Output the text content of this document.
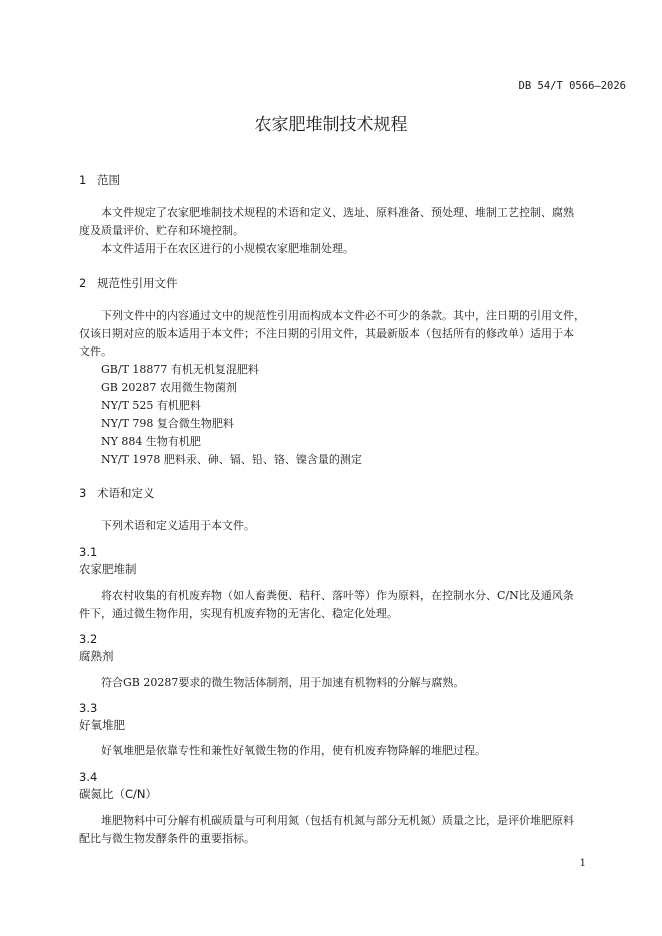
DB 54/T 0566—2026
农家肥堆制技术规程
1 范围
本文件规定了农家肥堆制技术规程的术语和定义、选址、原料准备、预处理、堆制工艺控制、腐熟
度及质量评价、贮存和环境控制。
本文件适用于在农区进行的小规模农家肥堆制处理。
2 规范性引用文件
下列文件中的内容通过文中的规范性引用而构成本文件必不可少的条款。其中，注日期的引用文件，
仅该日期对应的版本适用于本文件；不注日期的引用文件，其最新版本（包括所有的修改单）适用于本
文件。
GB/T 18877 有机无机复混肥料
GB 20287 农用微生物菌剂
NY/T 525 有机肥料
NY/T 798 复合微生物肥料
NY 884 生物有机肥
NY/T 1978 肥料汞、砷、镉、铅、铬、镍含量的测定
3 术语和定义
下列术语和定义适用于本文件。
3.1
农家肥堆制
将农村收集的有机废弃物（如人畜粪便、秸秆、落叶等）作为原料，在控制水分、C/N比及通风条
件下，通过微生物作用，实现有机废弃物的无害化、稳定化处理。
3.2
腐熟剂
符合GB 20287要求的微生物活体制剂，用于加速有机物料的分解与腐熟。
3.3
好氧堆肥
好氧堆肥是依靠专性和兼性好氧微生物的作用，使有机废弃物降解的堆肥过程。
3.4
碳氮比（C/N）
堆肥物料中可分解有机碳质量与可利用氮（包括有机氮与部分无机氮）质量之比，是评价堆肥原料
配比与微生物发酵条件的重要指标。
1
